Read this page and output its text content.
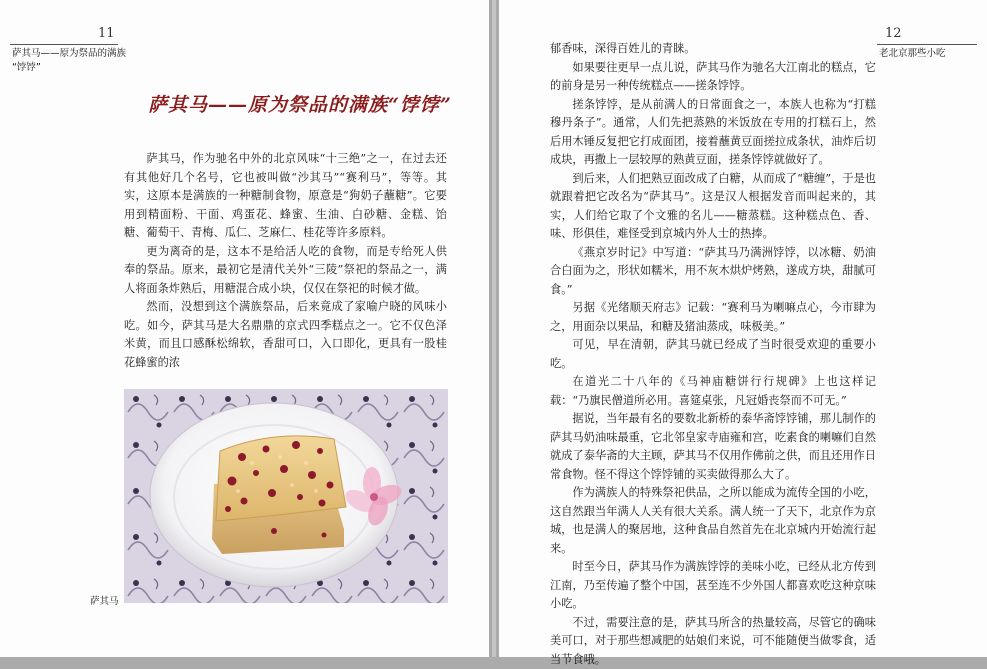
11
萨其马——原为祭品的满族
“饽饽”
萨其马——原为祭品的满族“饽饽”

萨其马，作为驰名中外的北京风味“十三绝”之一，在过去还有其他好几个名号，它也被叫做“沙其马”“赛利马”，等等。其实，这原本是满族的一种糖制食物，原意是“狗奶子蘸糖”。它要用到精面粉、干面、鸡蛋花、蜂蜜、生油、白砂糖、金糕、饴糖、葡萄干、青梅、瓜仁、芝麻仁、桂花等许多原料。

更为离奇的是，这本不是给活人吃的食物，而是专给死人供奉的祭品。原来，最初它是清代关外“三陵”祭祀的祭品之一，满人将面条炸熟后，用糖混合成小块，仅仅在祭祀的时候才做。

然而，没想到这个满族祭品，后来竟成了家喻户晓的风味小吃。如今，萨其马是大名鼎鼎的京式四季糕点之一。它不仅色泽米黄，而且口感酥松绵软，香甜可口，入口即化，更具有一股桂花蜂蜜的浓

萨其马
12
老北京那些小吃

郁香味，深得百姓儿的青睐。

如果要往更早一点儿说，萨其马作为驰名大江南北的糕点，它的前身是另一种传统糕点——搓条饽饽。

搓条饽饽，是从前满人的日常面食之一，本族人也称为“打糕穆丹条子”。通常，人们先把蒸熟的米饭放在专用的打糕石上，然后用木锤反复把它打成面团，接着蘸黄豆面搓拉成条状，油炸后切成块，再撒上一层较厚的熟黄豆面，搓条饽饽就做好了。

到后来，人们把熟豆面改成了白糖，从而成了“糖缠”，于是也就跟着把它改名为“萨其马”。这是汉人根据发音而叫起来的，其实，人们给它取了个文雅的名儿——糖蒸糕。这种糕点色、香、味、形俱佳，难怪受到京城内外人士的热捧。

《燕京岁时记》中写道：“萨其马乃满洲饽饽，以冰糖、奶油合白面为之，形状如糯米，用不灰木烘炉烤熟，遂成方块，甜腻可食。”

另据《光绪顺天府志》记载：“赛利马为喇嘛点心，今市肆为之，用面杂以果品，和糖及猪油蒸成，味极美。”

可见，早在清朝，萨其马就已经成了当时很受欢迎的重要小吃。

在道光二十八年的《马神庙糖饼行行规碑》上也这样记载：“乃旗民僧道所必用。喜筵桌张，凡冠婚丧祭而不可无。”

据说，当年最有名的要数北新桥的泰华斋饽饽铺，那儿制作的萨其马奶油味最重，它北邻皇家寺庙雍和宫，吃素食的喇嘛们自然就成了泰华斋的大主顾，萨其马不仅用作佛前之供，而且还用作日常食物。怪不得这个饽饽铺的买卖做得那么大了。

作为满族人的特殊祭祀供品，之所以能成为流传全国的小吃，这自然跟当年满人人关有很大关系。满人统一了天下，北京作为京城，也是满人的聚居地，这种食品自然首先在北京城内开始流行起来。

时至今日，萨其马作为满族饽饽的美味小吃，已经从北方传到江南，乃至传遍了整个中国，甚至连不少外国人都喜欢吃这种京味小吃。

不过，需要注意的是，萨其马所含的热量较高，尽管它的确味美可口，对于那些想减肥的姑娘们来说，可不能随便当做零食，适当节食哦。
